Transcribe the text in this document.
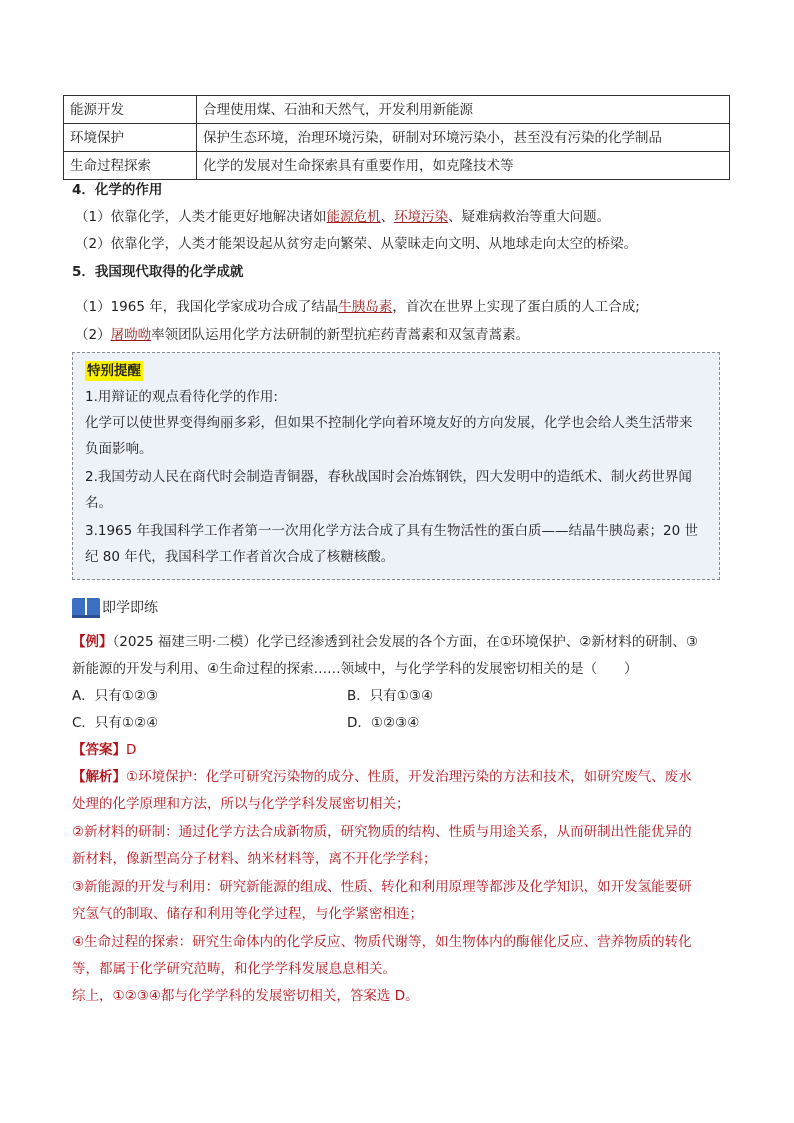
能源开发	合理使用煤、石油和天然气，开发利用新能源
环境保护	保护生态环境，治理环境污染，研制对环境污染小，甚至没有污染的化学制品
生命过程探索	化学的发展对生命探索具有重要作用，如克隆技术等
4．化学的作用
（1）依靠化学，人类才能更好地解决诸如能源危机、环境污染、疑难病救治等重大问题。
（2）依靠化学，人类才能架设起从贫穷走向繁荣、从蒙昧走向文明、从地球走向太空的桥梁。
5．我国现代取得的化学成就
（1）1965 年，我国化学家成功合成了结晶牛胰岛素，首次在世界上实现了蛋白质的人工合成;
（2）屠呦呦率领团队运用化学方法研制的新型抗疟药青蒿素和双氢青蒿素。
特别提醒
1.用辩证的观点看待化学的作用:
化学可以使世界变得绚丽多彩，但如果不控制化学向着环境友好的方向发展，化学也会给人类生活带来
负面影响。
2.我国劳动人民在商代时会制造青铜器，春秋战国时会冶炼钢铁，四大发明中的造纸术、制火药世界闻
名。
3.1965 年我国科学工作者第一一次用化学方法合成了具有生物活性的蛋白质——结晶牛胰岛素；20 世
纪 80 年代，我国科学工作者首次合成了核糖核酸。
即学即练
【例】（2025 福建三明·二模）化学已经渗透到社会发展的各个方面，在①环境保护、②新材料的研制、③
新能源的开发与利用、④生命过程的探索……领域中，与化学学科的发展密切相关的是（　　）
A．只有①②③	B．只有①③④
C．只有①②④	D．①②③④
【答案】D
【解析】①环境保护：化学可研究污染物的成分、性质，开发治理污染的方法和技术，如研究废气、废水
处理的化学原理和方法，所以与化学学科发展密切相关；
②新材料的研制：通过化学方法合成新物质，研究物质的结构、性质与用途关系，从而研制出性能优异的
新材料，像新型高分子材料、纳米材料等，离不开化学学科；
③新能源的开发与利用：研究新能源的组成、性质、转化和利用原理等都涉及化学知识，如开发氢能要研
究氢气的制取、储存和利用等化学过程，与化学紧密相连；
④生命过程的探索：研究生命体内的化学反应、物质代谢等，如生物体内的酶催化反应、营养物质的转化
等，都属于化学研究范畴，和化学学科发展息息相关。
综上，①②③④都与化学学科的发展密切相关，答案选 D。
